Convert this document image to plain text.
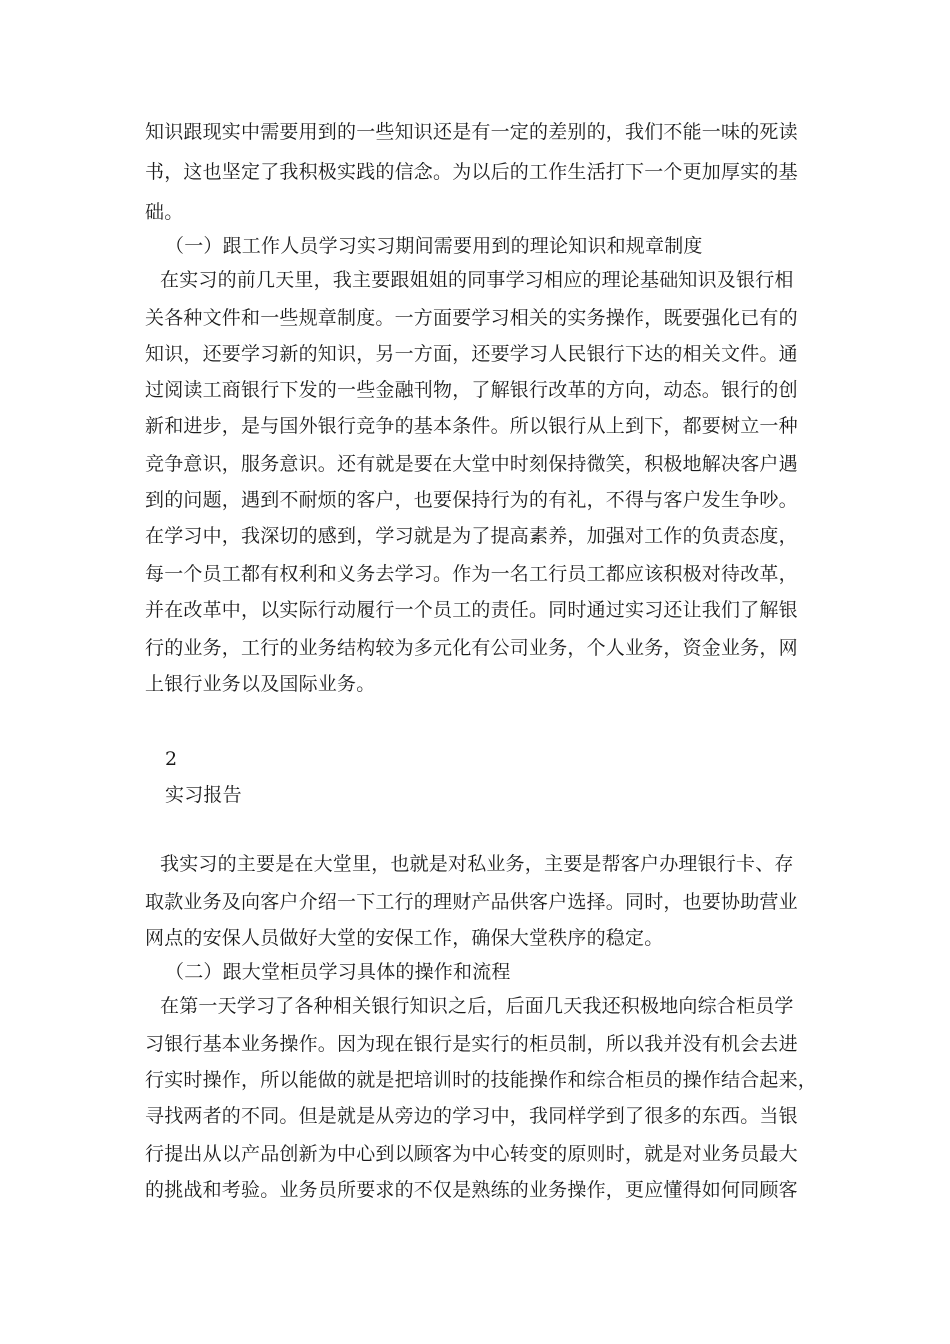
知识跟现实中需要用到的一些知识还是有一定的差别的，我们不能一味的死读
书，这也坚定了我积极实践的信念。为以后的工作生活打下一个更加厚实的基
础。
（一）跟工作人员学习实习期间需要用到的理论知识和规章制度
在实习的前几天里，我主要跟姐姐的同事学习相应的理论基础知识及银行相
关各种文件和一些规章制度。一方面要学习相关的实务操作，既要强化已有的
知识，还要学习新的知识，另一方面，还要学习人民银行下达的相关文件。通
过阅读工商银行下发的一些金融刊物，了解银行改革的方向，动态。银行的创
新和进步，是与国外银行竞争的基本条件。所以银行从上到下，都要树立一种
竞争意识，服务意识。还有就是要在大堂中时刻保持微笑，积极地解决客户遇
到的问题，遇到不耐烦的客户，也要保持行为的有礼，不得与客户发生争吵。
在学习中，我深切的感到，学习就是为了提高素养，加强对工作的负责态度，
每一个员工都有权利和义务去学习。作为一名工行员工都应该积极对待改革，
并在改革中，以实际行动履行一个员工的责任。同时通过实习还让我们了解银
行的业务，工行的业务结构较为多元化有公司业务，个人业务，资金业务，网
上银行业务以及国际业务。
2
实习报告
我实习的主要是在大堂里，也就是对私业务，主要是帮客户办理银行卡、存
取款业务及向客户介绍一下工行的理财产品供客户选择。同时，也要协助营业
网点的安保人员做好大堂的安保工作，确保大堂秩序的稳定。
（二）跟大堂柜员学习具体的操作和流程
在第一天学习了各种相关银行知识之后，后面几天我还积极地向综合柜员学
习银行基本业务操作。因为现在银行是实行的柜员制，所以我并没有机会去进
行实时操作，所以能做的就是把培训时的技能操作和综合柜员的操作结合起来，
寻找两者的不同。但是就是从旁边的学习中，我同样学到了很多的东西。当银
行提出从以产品创新为中心到以顾客为中心转变的原则时，就是对业务员最大
的挑战和考验。业务员所要求的不仅是熟练的业务操作，更应懂得如何同顾客
